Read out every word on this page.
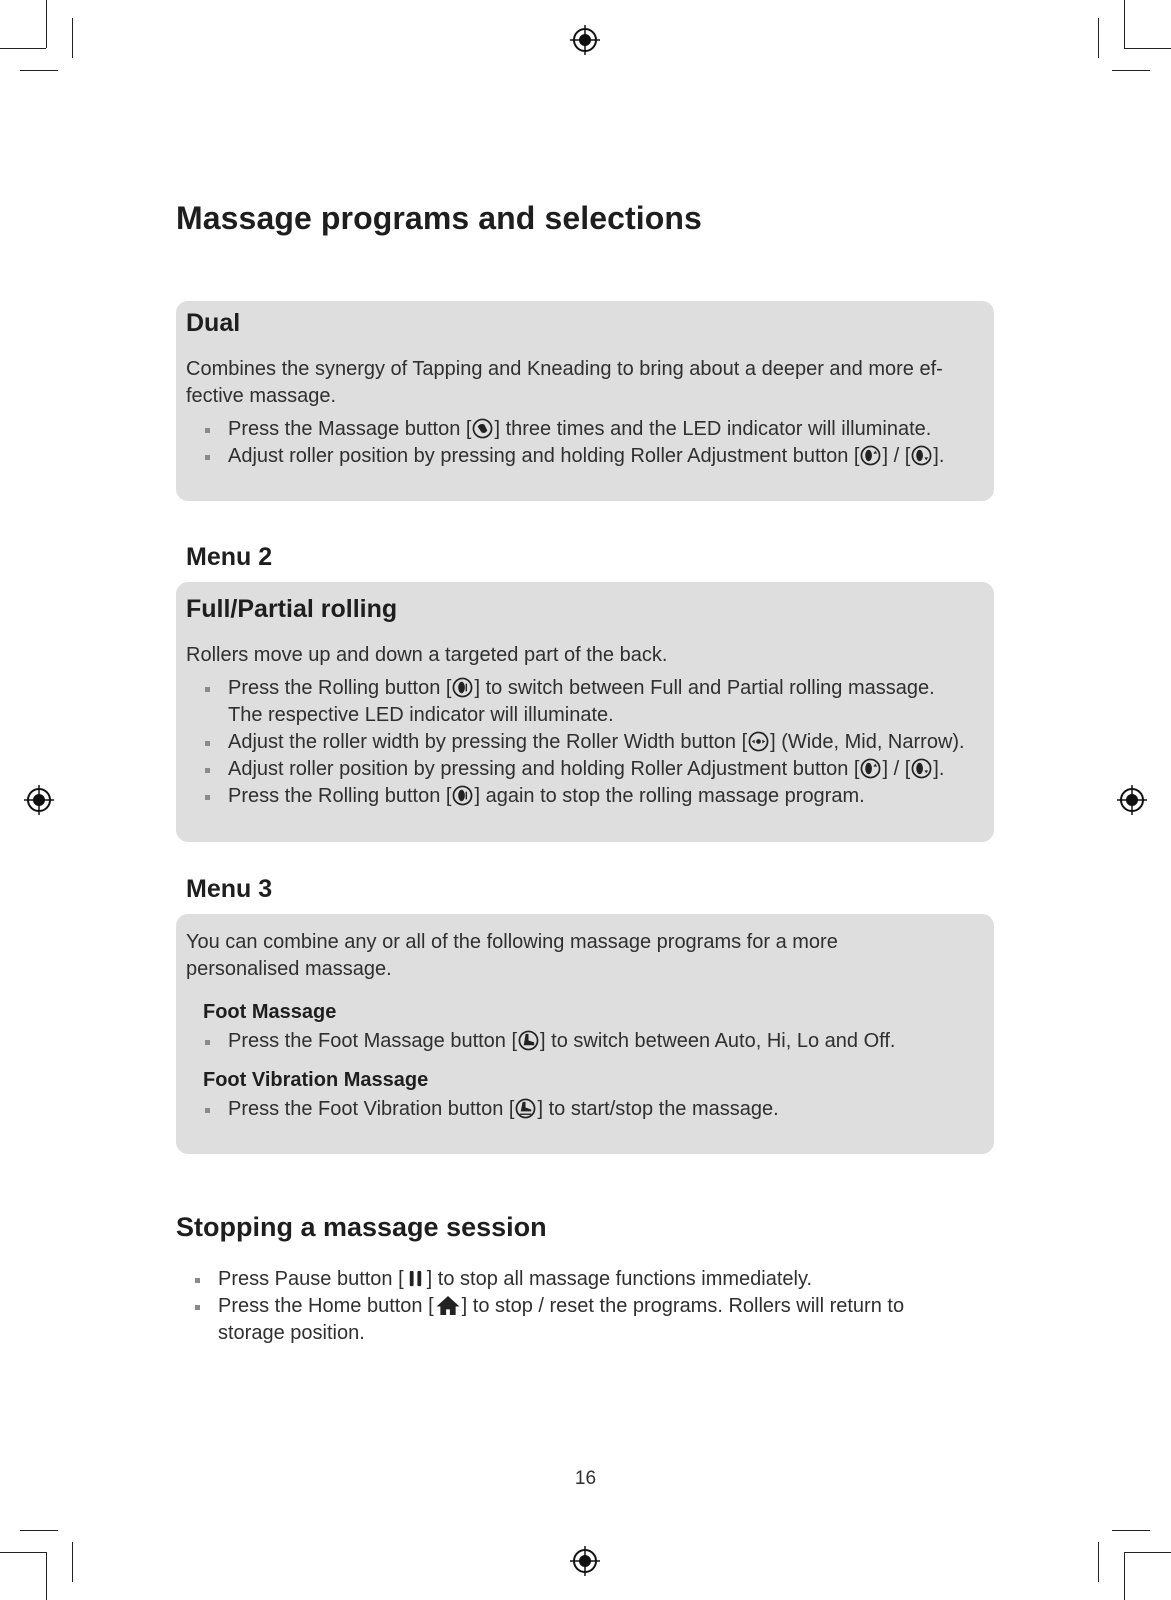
Massage programs and selections
Dual

Combines the synergy of Tapping and Kneading to bring about a deeper and more ef-
fective massage.

Press the Massage button [ ] three times and the LED indicator will illuminate.
Adjust roller position by pressing and holding Roller Adjustment button [ ] / [ ].
Menu 2
Full/Partial rolling

Rollers move up and down a targeted part of the back.

Press the Rolling button [ ] to switch between Full and Partial rolling massage.
The respective LED indicator will illuminate.
Adjust the roller width by pressing the Roller Width button [ ] (Wide, Mid, Narrow).
Adjust roller position by pressing and holding Roller Adjustment button [ ] / [ ].
Press the Rolling button [ ] again to stop the rolling massage program.
Menu 3

You can combine any or all of the following massage programs for a more
personalised massage.

Foot Massage
Press the Foot Massage button [ ] to switch between Auto, Hi, Lo and Off.
Foot Vibration Massage
Press the Foot Vibration button [ ] to start/stop the massage.
Stopping a massage session
Press Pause button [ ] to stop all massage functions immediately.
Press the Home button [ ] to stop / reset the programs. Rollers will return to
storage position.
16
